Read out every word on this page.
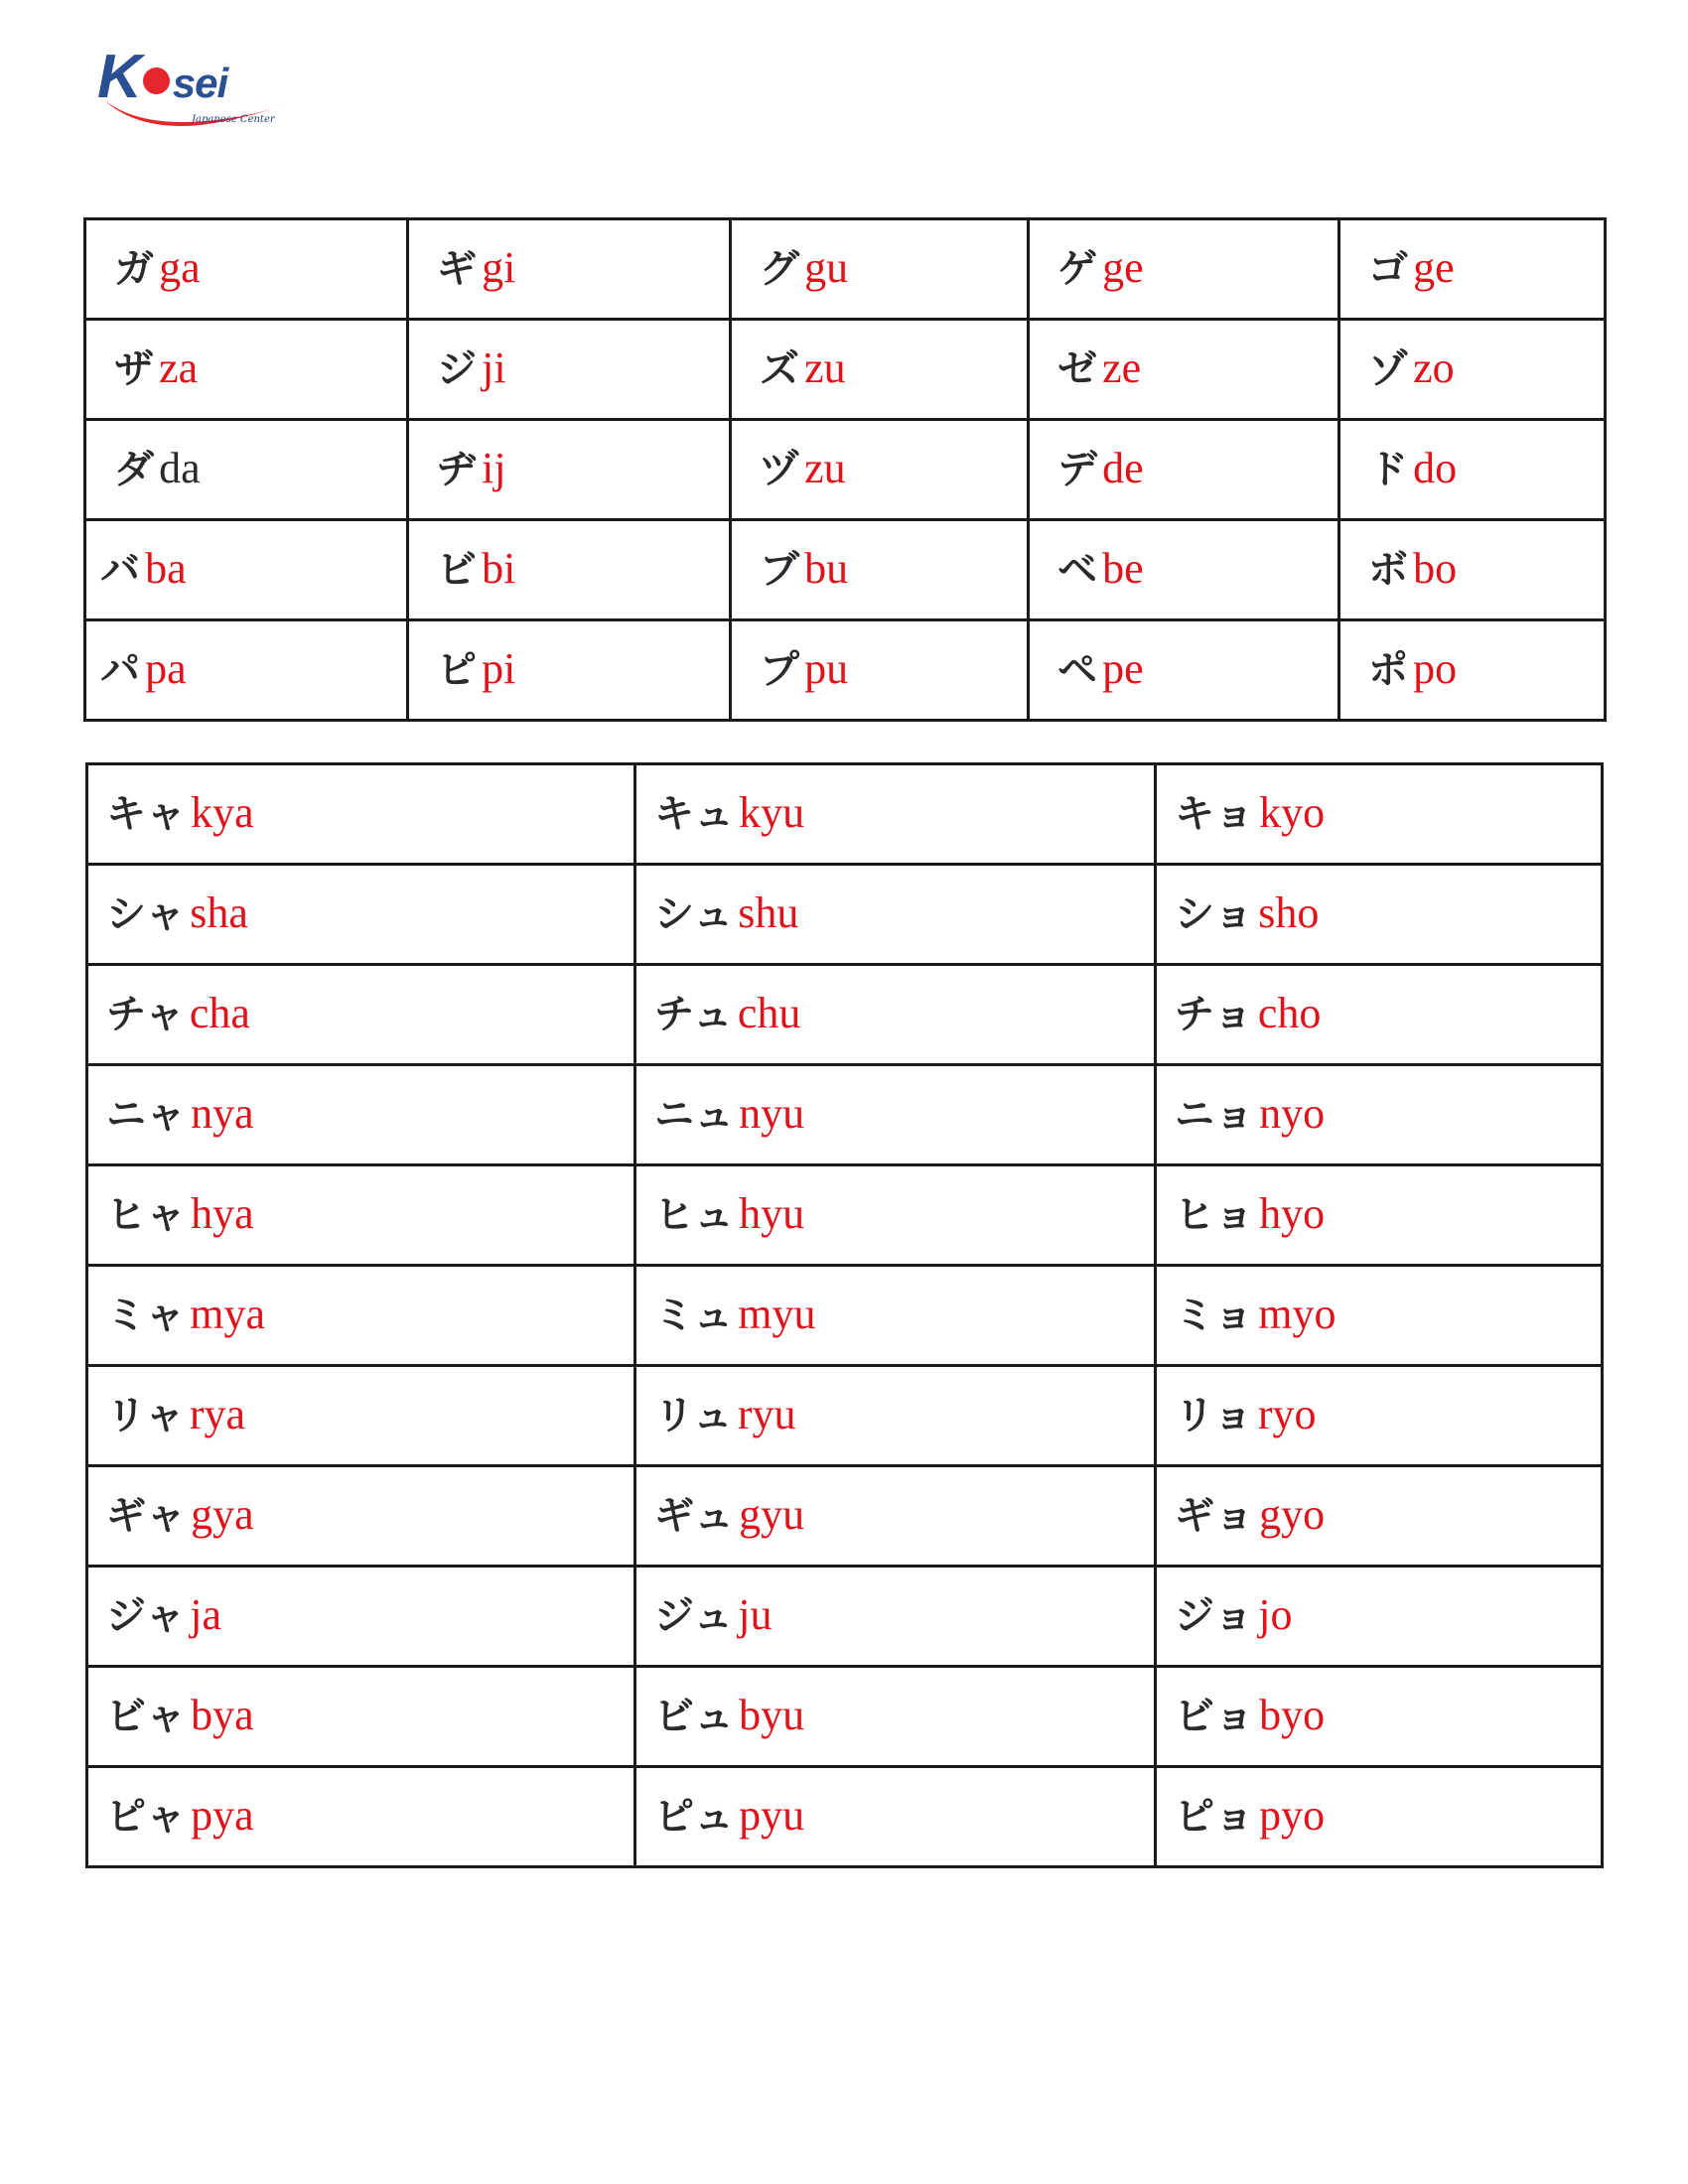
K sei
Japanese Center
ガ ga	ギ gi	グ gu	ゲ ge	ゴ ge

ザ za	ジ ji	ズ zu	ゼ ze	ゾ zo

ダ da	ヂ ij	ヅ zu	デ de	ド do

バ ba	ビ bi	ブ bu	ベ be	ボ bo

パ pa	ピ pi	プ pu	ペ pe	ポ po
キャ kya	キュ kyu	キョ kyo

シャ sha	シュ shu	ショ sho

チャ cha	チュ chu	チョ cho

ニャ nya	ニュ nyu	ニョ nyo

ヒャ hya	ヒュ hyu	ヒョ hyo

ミャ mya	ミュ myu	ミョ myo

リャ rya	リュ ryu	リョ ryo

ギャ gya	ギュ gyu	ギョ gyo

ジャ ja	ジュ ju	ジョ jo

ビャ bya	ビュ byu	ビョ byo

ピャ pya	ピュ pyu	ピョ pyo
